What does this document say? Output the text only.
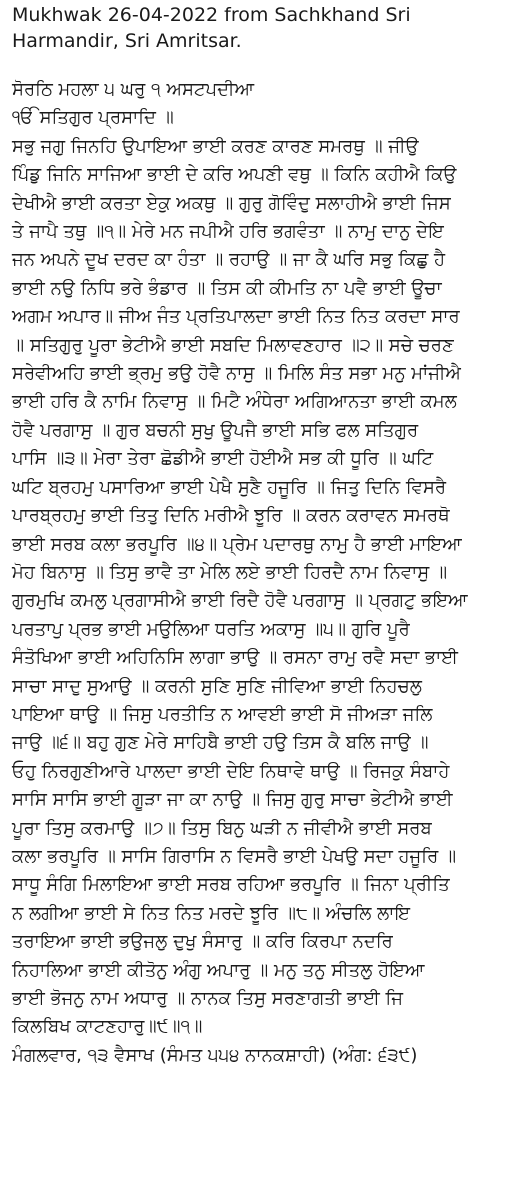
Mukhwak 26-04-2022 from Sachkhand Sri
Harmandir, Sri Amritsar.
ਸੋਰਠਿ ਮਹਲਾ ੫ ਘਰੁ ੧ ਅਸਟਪਦੀਆ
ੴ ਸਤਿਗੁਰ ਪ੍ਰਸਾਦਿ ॥
ਸਭੁ ਜਗੁ ਜਿਨਹਿ ਉਪਾਇਆ ਭਾਈ ਕਰਣ ਕਾਰਣ ਸਮਰਥੁ ॥ ਜੀਉ
ਪਿੰਡੁ ਜਿਨਿ ਸਾਜਿਆ ਭਾਈ ਦੇ ਕਰਿ ਅਪਣੀ ਵਥੁ ॥ ਕਿਨਿ ਕਹੀਐ ਕਿਉ
ਦੇਖੀਐ ਭਾਈ ਕਰਤਾ ਏਕੁ ਅਕਥੁ ॥ ਗੁਰੁ ਗੋਵਿੰਦੁ ਸਲਾਹੀਐ ਭਾਈ ਜਿਸ
ਤੇ ਜਾਪੈ ਤਥੁ ॥੧॥ ਮੇਰੇ ਮਨ ਜਪੀਐ ਹਰਿ ਭਗਵੰਤਾ ॥ ਨਾਮੁ ਦਾਨੁ ਦੇਇ
ਜਨ ਅਪਨੇ ਦੂਖ ਦਰਦ ਕਾ ਹੰਤਾ ॥ ਰਹਾਉ ॥ ਜਾ ਕੈ ਘਰਿ ਸਭੁ ਕਿਛੁ ਹੈ
ਭਾਈ ਨਉ ਨਿਧਿ ਭਰੇ ਭੰਡਾਰ ॥ ਤਿਸ ਕੀ ਕੀਮਤਿ ਨਾ ਪਵੈ ਭਾਈ ਊਚਾ
ਅਗਮ ਅਪਾਰ॥ ਜੀਅ ਜੰਤ ਪ੍ਰਤਿਪਾਲਦਾ ਭਾਈ ਨਿਤ ਨਿਤ ਕਰਦਾ ਸਾਰ
॥ ਸਤਿਗੁਰੁ ਪੂਰਾ ਭੇਟੀਐ ਭਾਈ ਸਬਦਿ ਮਿਲਾਵਣਹਾਰ ॥੨॥ ਸਚੇ ਚਰਣ
ਸਰੇਵੀਅਹਿ ਭਾਈ ਭ੍ਰਮੁ ਭਉ ਹੋਵੈ ਨਾਸੁ ॥ ਮਿਲਿ ਸੰਤ ਸਭਾ ਮਨੁ ਮਾਂਜੀਐ
ਭਾਈ ਹਰਿ ਕੈ ਨਾਮਿ ਨਿਵਾਸੁ ॥ ਮਿਟੈ ਅੰਧੇਰਾ ਅਗਿਆਨਤਾ ਭਾਈ ਕਮਲ
ਹੋਵੈ ਪਰਗਾਸੁ ॥ ਗੁਰ ਬਚਨੀ ਸੁਖੁ ਊਪਜੈ ਭਾਈ ਸਭਿ ਫਲ ਸਤਿਗੁਰ
ਪਾਸਿ ॥੩॥ ਮੇਰਾ ਤੇਰਾ ਛੋਡੀਐ ਭਾਈ ਹੋਈਐ ਸਭ ਕੀ ਧੂਰਿ ॥ ਘਟਿ
ਘਟਿ ਬ੍ਰਹਮੁ ਪਸਾਰਿਆ ਭਾਈ ਪੇਖੈ ਸੁਣੈ ਹਜੂਰਿ ॥ ਜਿਤੁ ਦਿਨਿ ਵਿਸਰੈ
ਪਾਰਬ੍ਰਹਮੁ ਭਾਈ ਤਿਤੁ ਦਿਨਿ ਮਰੀਐ ਝੂਰਿ ॥ ਕਰਨ ਕਰਾਵਨ ਸਮਰਥੋ
ਭਾਈ ਸਰਬ ਕਲਾ ਭਰਪੂਰਿ ॥੪॥ ਪ੍ਰੇਮ ਪਦਾਰਥੁ ਨਾਮੁ ਹੈ ਭਾਈ ਮਾਇਆ
ਮੋਹ ਬਿਨਾਸੁ ॥ ਤਿਸੁ ਭਾਵੈ ਤਾ ਮੇਲਿ ਲਏ ਭਾਈ ਹਿਰਦੈ ਨਾਮ ਨਿਵਾਸੁ ॥
ਗੁਰਮੁਖਿ ਕਮਲੁ ਪ੍ਰਗਾਸੀਐ ਭਾਈ ਰਿਦੈ ਹੋਵੈ ਪਰਗਾਸੁ ॥ ਪ੍ਰਗਟੁ ਭਇਆ
ਪਰਤਾਪੁ ਪ੍ਰਭ ਭਾਈ ਮਉਲਿਆ ਧਰਤਿ ਅਕਾਸੁ ॥੫॥ ਗੁਰਿ ਪੂਰੈ
ਸੰਤੋਖਿਆ ਭਾਈ ਅਹਿਨਿਸਿ ਲਾਗਾ ਭਾਉ ॥ ਰਸਨਾ ਰਾਮੁ ਰਵੈ ਸਦਾ ਭਾਈ
ਸਾਚਾ ਸਾਦੁ ਸੁਆਉ ॥ ਕਰਨੀ ਸੁਣਿ ਸੁਣਿ ਜੀਵਿਆ ਭਾਈ ਨਿਹਚਲੁ
ਪਾਇਆ ਥਾਉ ॥ ਜਿਸੁ ਪਰਤੀਤਿ ਨ ਆਵਈ ਭਾਈ ਸੋ ਜੀਅੜਾ ਜਲਿ
ਜਾਉ ॥੬॥ ਬਹੁ ਗੁਣ ਮੇਰੇ ਸਾਹਿਬੈ ਭਾਈ ਹਉ ਤਿਸ ਕੈ ਬਲਿ ਜਾਉ ॥
ਓਹੁ ਨਿਰਗੁਣੀਆਰੇ ਪਾਲਦਾ ਭਾਈ ਦੇਇ ਨਿਥਾਵੇ ਥਾਉ ॥ ਰਿਜਕੁ ਸੰਬਾਹੇ
ਸਾਸਿ ਸਾਸਿ ਭਾਈ ਗੂੜਾ ਜਾ ਕਾ ਨਾਉ ॥ ਜਿਸੁ ਗੁਰੁ ਸਾਚਾ ਭੇਟੀਐ ਭਾਈ
ਪੂਰਾ ਤਿਸੁ ਕਰਮਾਉ ॥੭॥ ਤਿਸੁ ਬਿਨੁ ਘੜੀ ਨ ਜੀਵੀਐ ਭਾਈ ਸਰਬ
ਕਲਾ ਭਰਪੂਰਿ ॥ ਸਾਸਿ ਗਿਰਾਸਿ ਨ ਵਿਸਰੈ ਭਾਈ ਪੇਖਉ ਸਦਾ ਹਜੂਰਿ ॥
ਸਾਧੂ ਸੰਗਿ ਮਿਲਾਇਆ ਭਾਈ ਸਰਬ ਰਹਿਆ ਭਰਪੂਰਿ ॥ ਜਿਨਾ ਪ੍ਰੀਤਿ
ਨ ਲਗੀਆ ਭਾਈ ਸੇ ਨਿਤ ਨਿਤ ਮਰਦੇ ਝੂਰਿ ॥੮॥ ਅੰਚਲਿ ਲਾਇ
ਤਰਾਇਆ ਭਾਈ ਭਉਜਲੁ ਦੁਖੁ ਸੰਸਾਰੁ ॥ ਕਰਿ ਕਿਰਪਾ ਨਦਰਿ
ਨਿਹਾਲਿਆ ਭਾਈ ਕੀਤੋਨੁ ਅੰਗੁ ਅਪਾਰੁ ॥ ਮਨੁ ਤਨੁ ਸੀਤਲੁ ਹੋਇਆ
ਭਾਈ ਭੋਜਨੁ ਨਾਮ ਅਧਾਰੁ ॥ ਨਾਨਕ ਤਿਸੁ ਸਰਣਾਗਤੀ ਭਾਈ ਜਿ
ਕਿਲਬਿਖ ਕਾਟਣਹਾਰੁ॥੯॥੧॥
ਮੰਗਲਵਾਰ, ੧੩ ਵੈਸਾਖ (ਸੰਮਤ ੫੫੪ ਨਾਨਕਸ਼ਾਹੀ) (ਅੰਗ: ੬੩੯)
